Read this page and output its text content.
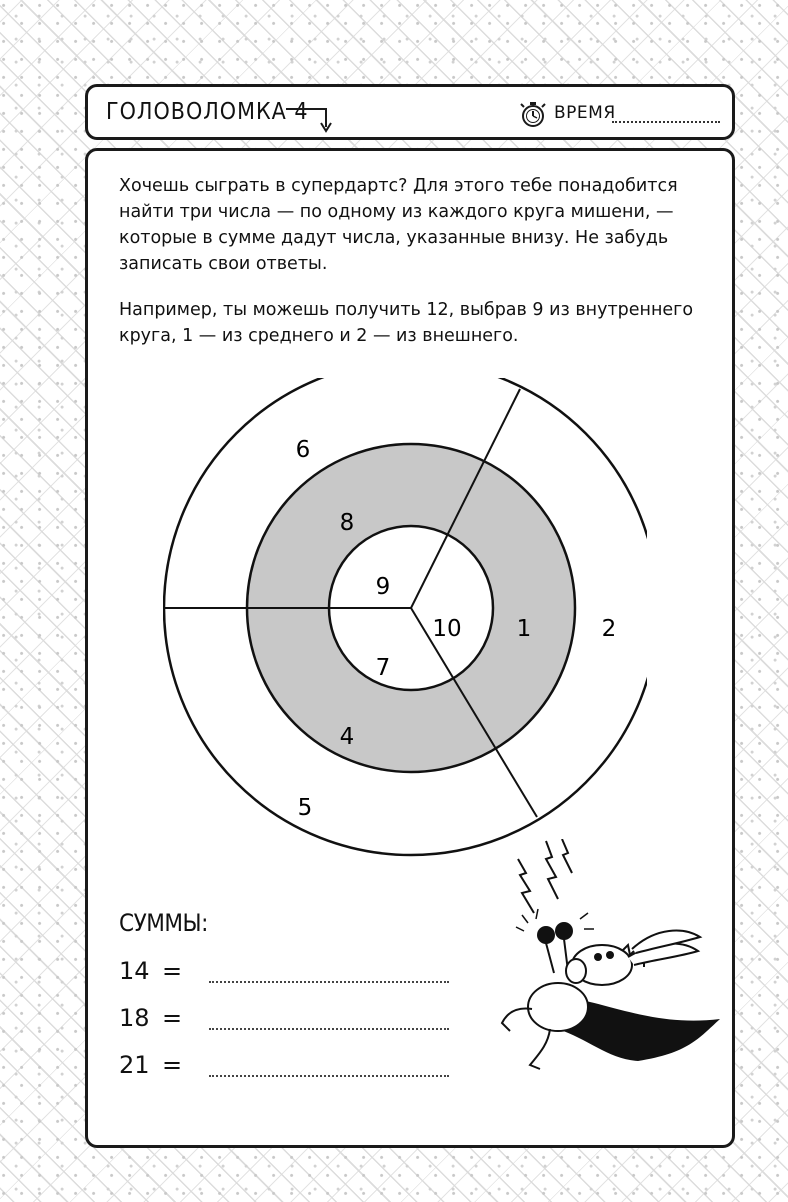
ГОЛОВОЛОМКА 4	ВРЕМЯ

Хочешь сыграть в супердартс? Для этого тебе понадобится найти три числа — по одному из каждого круга мишени, — которые в сумме дадут числа, указанные внизу. Не забудь записать свои ответы.

Например, ты можешь получить 12, выбрав 9 из внутреннего круга, 1 — из среднего и 2 — из внешнего.

9
10
7
8
1
4
6
2
5
СУММЫ:
14 =
18 =
21 =
